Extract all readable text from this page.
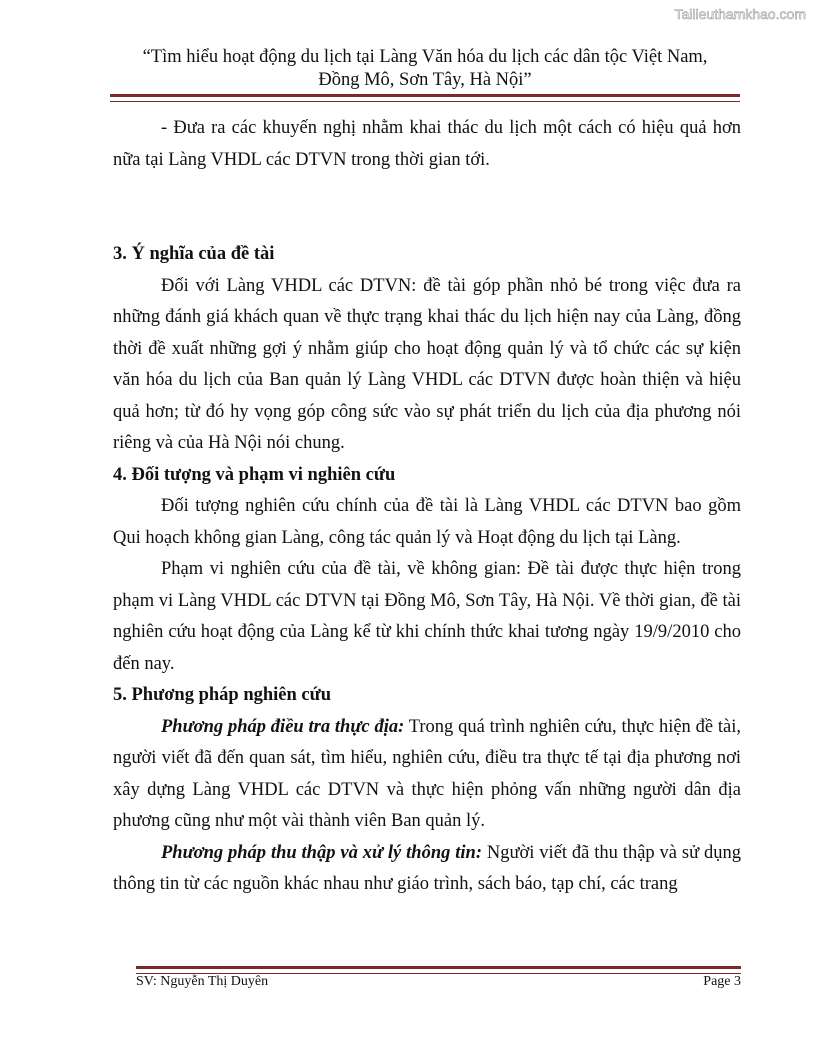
Tailieuthamkhao.com
“Tìm hiểu hoạt động du lịch tại Làng Văn hóa du lịch các dân tộc Việt Nam,
Đồng Mô, Sơn Tây, Hà Nội”

- Đưa ra các khuyến nghị nhằm khai thác du lịch một cách có hiệu quả hơn nữa tại Làng VHDL các DTVN trong thời gian tới.

3. Ý nghĩa của đề tài

Đối với Làng VHDL các DTVN: đề tài góp phần nhỏ bé trong việc đưa ra những đánh giá khách quan về thực trạng khai thác du lịch hiện nay của Làng, đồng thời đề xuất những gợi ý nhằm giúp cho hoạt động quản lý và tổ chức các sự kiện văn hóa du lịch của Ban quản lý Làng VHDL các DTVN được hoàn thiện và hiệu quả hơn; từ đó hy vọng góp công sức vào sự phát triển du lịch của địa phương nói riêng và của Hà Nội nói chung.

4. Đối tượng và phạm vi nghiên cứu

Đối tượng nghiên cứu chính của đề tài là Làng VHDL các DTVN bao gồm Qui hoạch không gian Làng, công tác quản lý và Hoạt động du lịch tại Làng.

Phạm vi nghiên cứu của đề tài, về không gian: Đề tài được thực hiện trong phạm vi Làng VHDL các DTVN tại Đồng Mô, Sơn Tây, Hà Nội. Về thời gian, đề tài nghiên cứu hoạt động của Làng kể từ khi chính thức khai tương ngày 19/9/2010 cho đến nay.

5. Phương pháp nghiên cứu

Phương pháp điều tra thực địa: Trong quá trình nghiên cứu, thực hiện đề tài, người viết đã đến quan sát, tìm hiểu, nghiên cứu, điều tra thực tế tại địa phương nơi xây dựng Làng VHDL các DTVN và thực hiện phỏng vấn những người dân địa phương cũng như một vài thành viên Ban quản lý.

Phương pháp thu thập và xử lý thông tin: Người viết đã thu thập và sử dụng thông tin từ các nguồn khác nhau như giáo trình, sách báo, tạp chí, các trang

SV: Nguyễn Thị Duyên	Page 3
